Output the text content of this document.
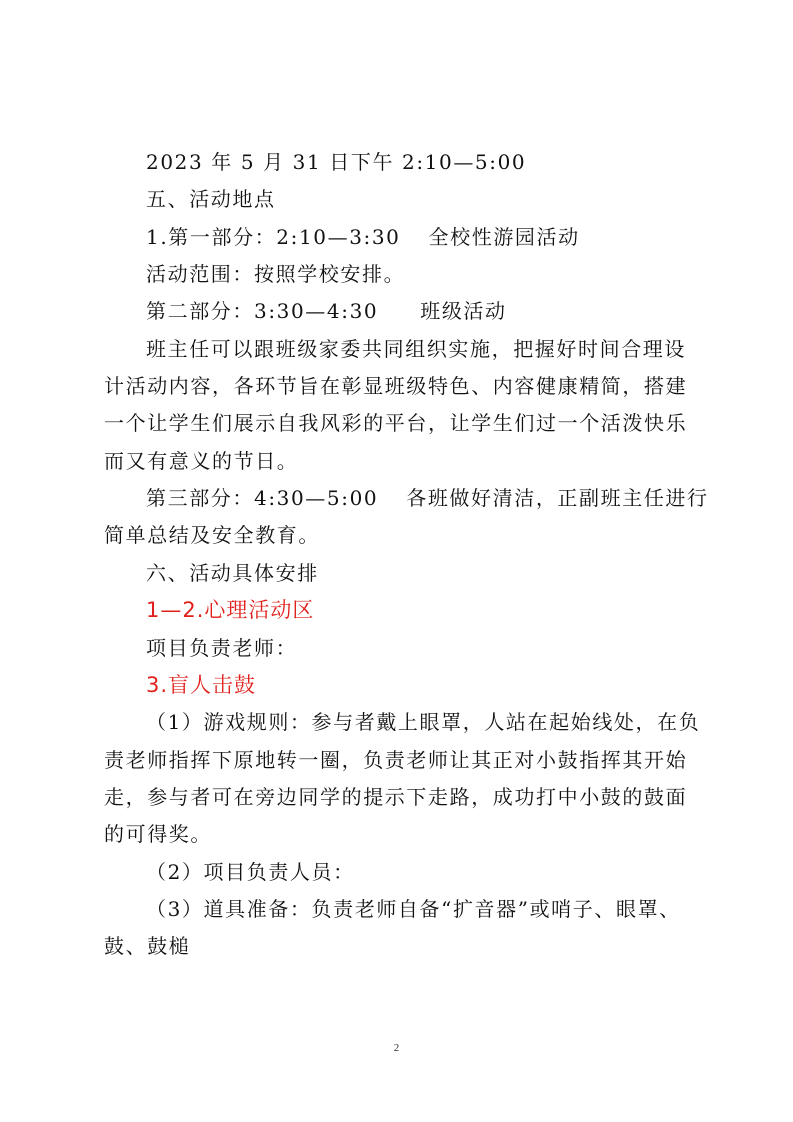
2023 年 5 月 31 日下午 2:10—5:00
五、活动地点
1.第一部分：2:10—3:30 全校性游园活动
活动范围：按照学校安排。
第二部分：3:30—4:30 班级活动
班主任可以跟班级家委共同组织实施，把握好时间合理设
计活动内容，各环节旨在彰显班级特色、内容健康精简，搭建
一个让学生们展示自我风彩的平台，让学生们过一个活泼快乐
而又有意义的节日。
第三部分：4:30—5:00 各班做好清洁，正副班主任进行
简单总结及安全教育。
六、活动具体安排
1—2.心理活动区
项目负责老师：
3.盲人击鼓
（1）游戏规则：参与者戴上眼罩，人站在起始线处，在负
责老师指挥下原地转一圈，负责老师让其正对小鼓指挥其开始
走，参与者可在旁边同学的提示下走路，成功打中小鼓的鼓面
的可得奖。
（2）项目负责人员：
（3）道具准备：负责老师自备“扩音器”或哨子、眼罩、
鼓、鼓槌
2
